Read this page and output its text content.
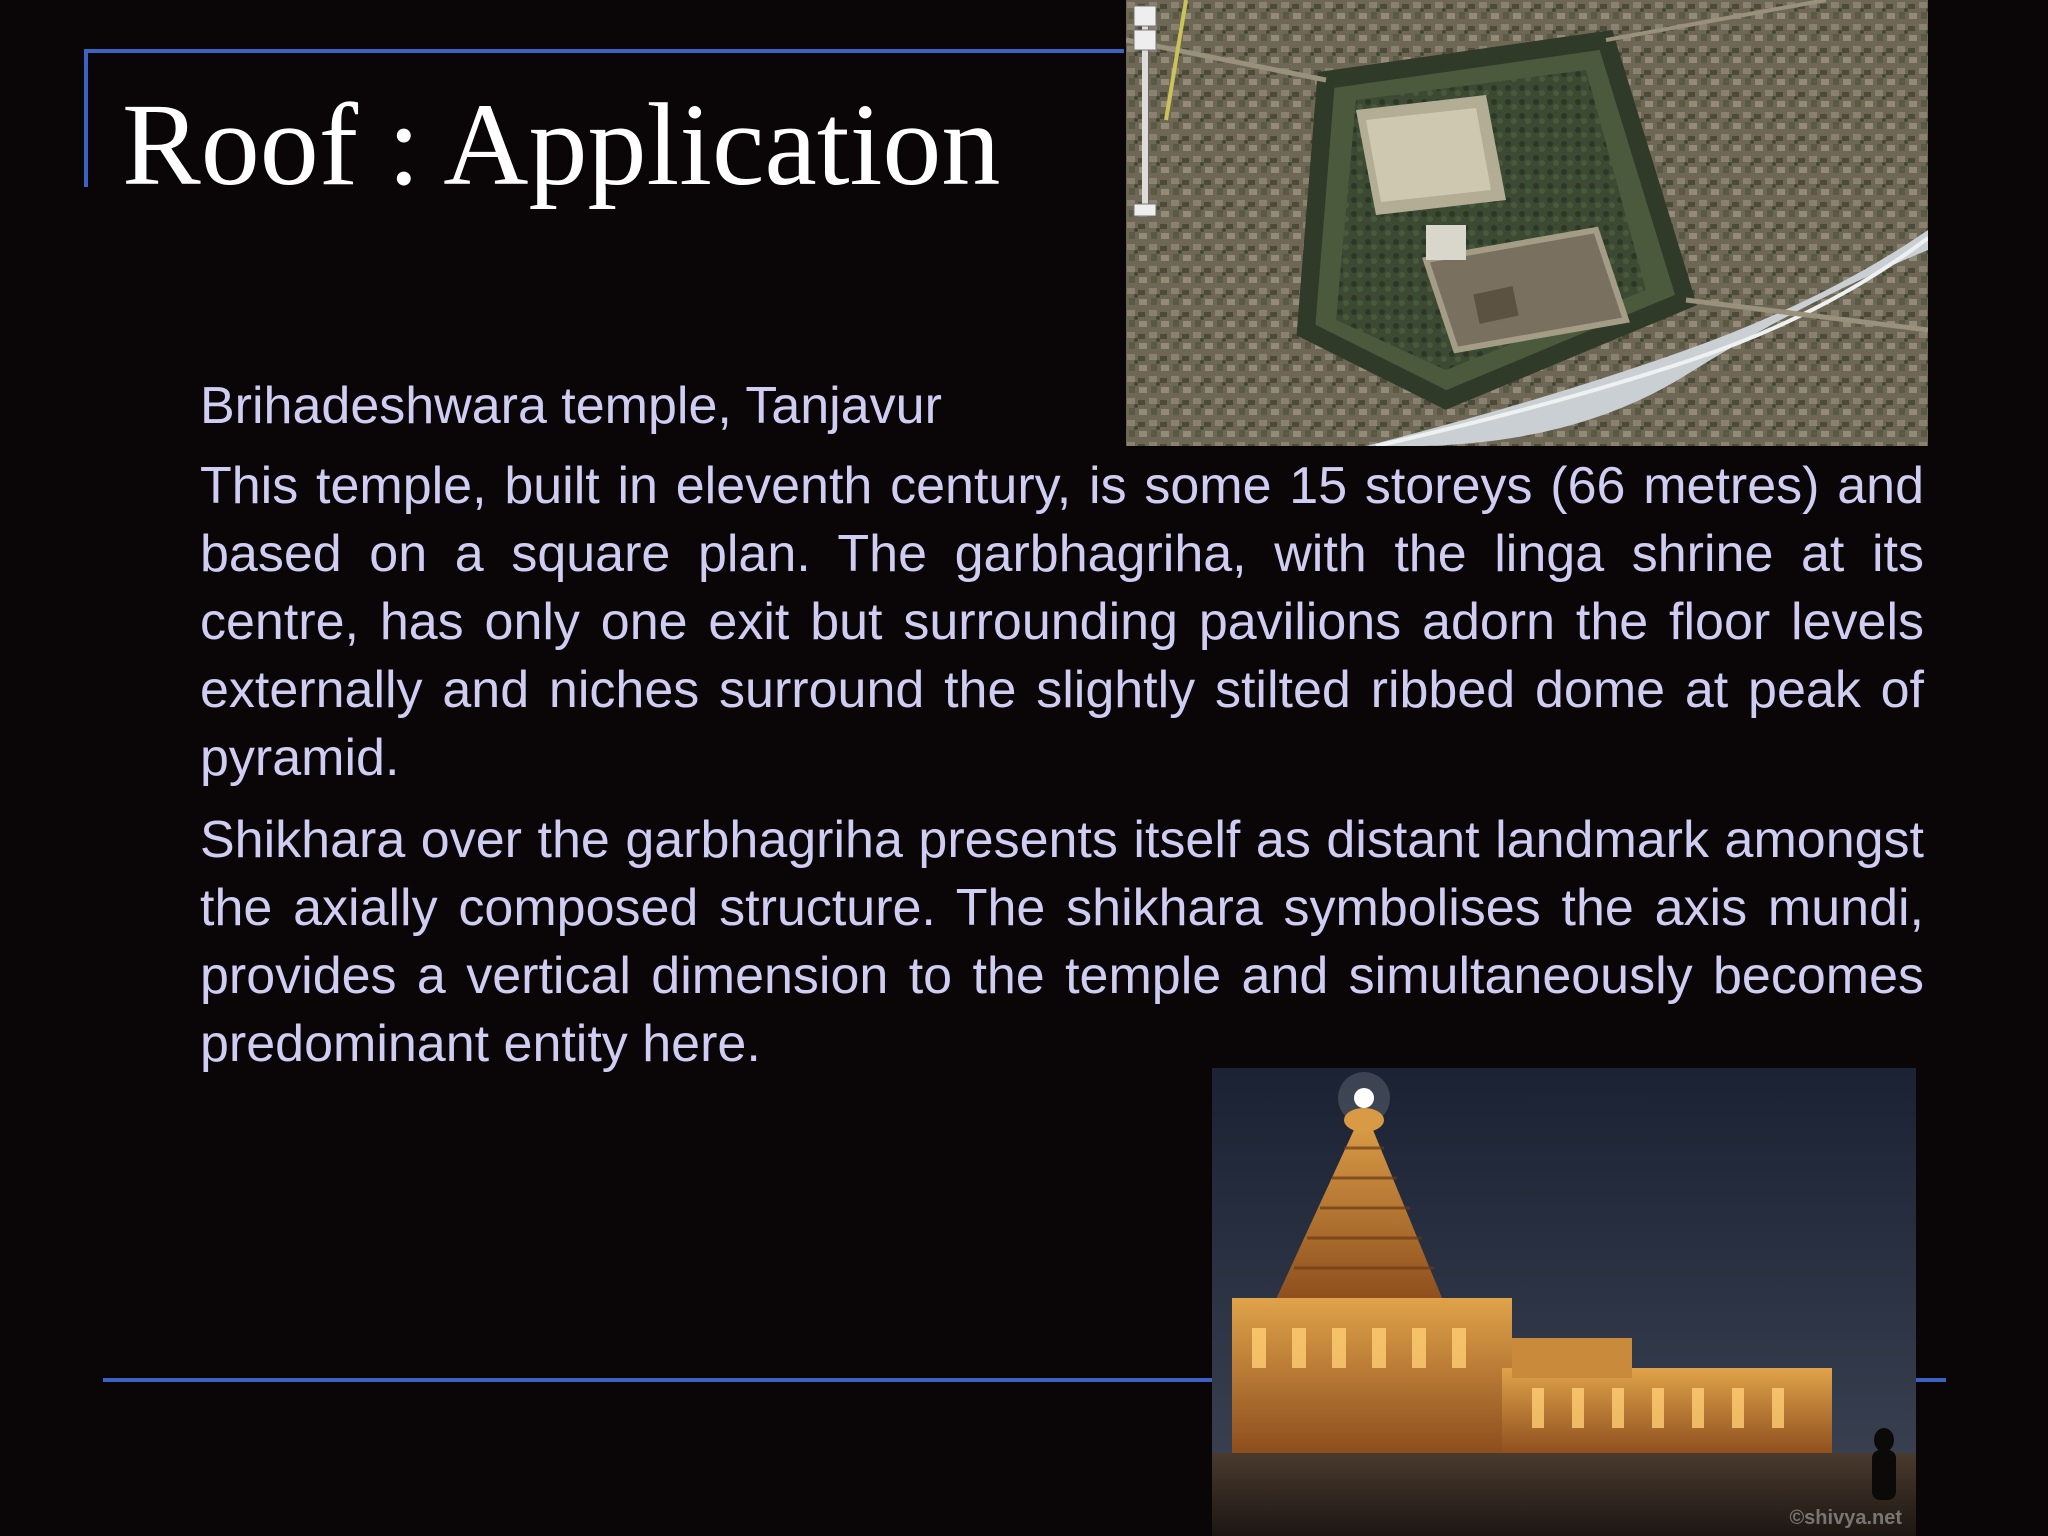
Roof : Application

Brihadeshwara temple, Tanjavur

This temple, built in eleventh century, is some 15 storeys (66 metres) and based on a square plan. The garbhagriha, with the linga shrine at its centre, has only one exit but surrounding pavilions adorn the floor levels externally and niches surround the slightly stilted ribbed dome at peak of pyramid.

Shikhara over the garbhagriha presents itself as distant landmark amongst the axially composed structure. The shikhara symbolises the axis mundi, provides a vertical dimension to the temple and simultaneously becomes predominant entity here.

©shivya.net
